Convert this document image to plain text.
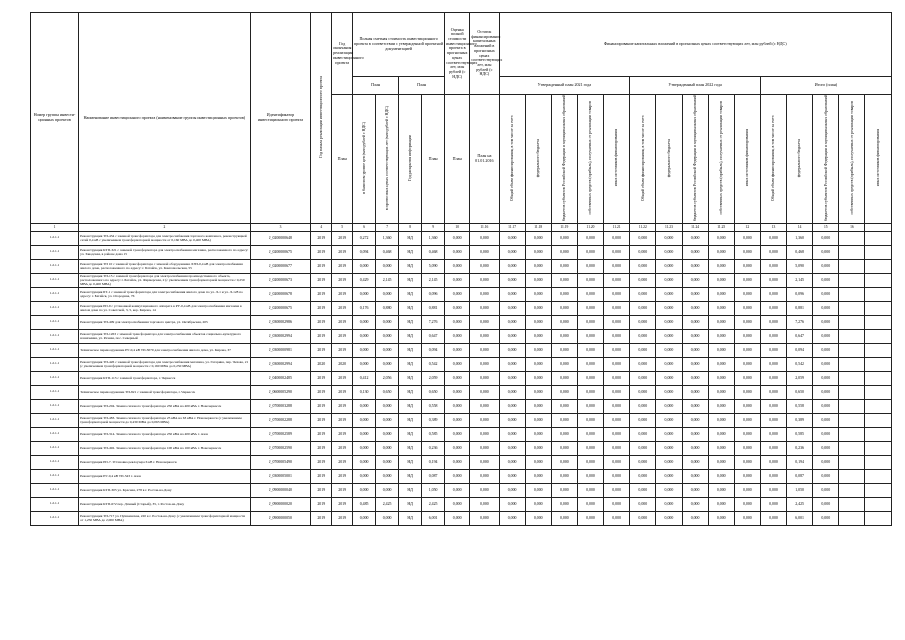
Номер группы инвести-ционных проектов	Наименование инвестиционного проекта (наименование группы инвестиционных проектов)	Идентификатор инвестиционного проекта	Год начала реализации инвестиционного проекта	Год окончания реализации инвестиционного проекта	Полная сметная стоимость инвестиционного проекта в соответствии с утвержденной проектной документацией				Оценка полной стоимости инвестиционного проекта в прогнозных ценах соответствующих лет, млн рублей (с НДС)	Остаток финансирования капитальных вложений в прогнозных ценах соответствующих лет, млн рублей (с НДС)	Финансирование капитальных вложений в прогнозных ценах соответствующих лет, млн рублей (с НДС)														
					План		План				Утвержденный план 2021 года					Утвержденный план 2022 года					Итого (план)				
				План	в базисном уровне цен (млн рублей с НДС)	в прогнозных ценах соответствующих лет (млн рублей с НДС)	Год раскрытия информации	План	План	План на 01.01.2016	Общий объем финансирования, в том числе за счет:	федерального бюджета	бюджетов субъектов Российской Федерации и муниципальных образований	собственных средств (прибыль), получаемых от реализации товаров	иных источников финансирования	Общий объем финансирования, в том числе за счет:	федерального бюджета	бюджетов субъектов Российской Федерации и муниципальных образований	собственных средств (прибыль), получаемых от реализации товаров	иных источников финансирования	Общий объем финансирования, в том числе за счет:	федерального бюджета	бюджетов субъектов Российской Федерации и муниципальных образований	собственных средств (прибыль), получаемых от реализации товаров	иных источников финансирования
1	2	3	4	5	6	7	8	9	10	11.16	11.17	11.18	11.19	11.20	11.21	11.22	11.23	11.24	11.25	12	13	14	15	16	
1.2.1.1	Реконструкция ТП-434 с заменой трансформатора для электроснабжения торгового комплекса, реконструкцией сетей 0,4 кВ с увеличением трансформаторной мощности от 0,160 МВА до 0,400 МВА)	J_0200000648	2019	2019	0,272	1,360	НД	1,360	0,000	0,000	0,000	0,000	0,000	0,000	0,000	0,000	0,000	0,000	0,000	0,000	0,000	1,360	0,000		
1.2.1.1	Реконструкция КТП-321 с заменой трансформатора для электроснабжения магазина, расположенного по адресу: ул. Заводская, в районе дома 15	J_0200000675	2019	2019	0,094	0,468	НД	0,468	0,000	0,000	0,000	0,000	0,000	0,000	0,000	0,000	0,000	0,000	0,000	0,000	0,000	0,468	0,000		
1.2.1.1	Реконструкция ТП 10 с заменой трансформатора с заменой оборудования ЛЭП-0,4 кВ для электроснабжения жилого дома, расположенного по адресу: г. Батайск, ул. Комсомольская, 55	J_0200000677	2019	2019	0,000	0,000	НД	5,090	0,000	0,000	0,000	0,000	0,000	0,000	0,000	0,000	0,000	0,000	0,000	0,000	0,000	5,090	0,000		
1.2.1.1	Реконструкция ТП-15 с заменой трансформатора для электроснабжения производственного объекта, расположенного по адресу: г. Батайск, ул. Фермерская, 2 (с увеличением трансформаторной мощности с 0,250 МВА до 0,400 МВА)	J_0200000673	2019	2019	0,429	2,145	НД	2,145	0,000	0,000	0,000	0,000	0,000	0,000	0,000	0,000	0,000	0,000	0,000	0,000	0,000	2,145	0,000		
1.2.1.1	Реконструкция БТ-1 с заменой трансформатора для электроснабжения жилого дома по ул. Л-1 и ул. Л-128 по адресу: г. Батайск, ул. Огородная, 76	J_0200000678	2019	2019	0,000	0,000	НД	0,096	0,000	0,000	0,000	0,000	0,000	0,000	0,000	0,000	0,000	0,000	0,000	0,000	0,000	0,096	0,000		
1.2.1.1	Реконструкция РП-9 с установкой коммутационного аппарата в РУ-0,4 кВ для электроснабжения магазина в жилом доме по ул. Советской, 3, 5, кор. Кирова, 14	J_0200000675	2019	2019	0,176	0,880	НД	0,881	0,000	0,000	0,000	0,000	0,000	0,000	0,000	0,000	0,000	0,000	0,000	0,000	0,000	0,881	0,000		
1.2.1.1	Реконструкция ТП-409 для электроснабжения торгового центра, ул. Октябрьская, 205	J_0300002986	2019	2019	0,000	0,000	НД	7,276	0,000	0,000	0,000	0,000	0,000	0,000	0,000	0,000	0,000	0,000	0,000	0,000	0,000	7,276	0,000		
1.2.1.1	Реконструкция ТП-1263 с заменой трансформатора для электроснабжения объектов социально-культурного назначения, ул. Речная, пос. Северный	J_0300002994	2019	2019	0,000	0,000	НД	0,647	0,000	0,000	0,000	0,000	0,000	0,000	0,000	0,000	0,000	0,000	0,000	0,000	0,000	0,647	0,000		
1.2.1.1	Техническое перевооружение РУ-0,4 кВ ТП-3070 для электроснабжения жилого дома, ул. Кирова, 37	J_0300000981	2019	2019	0,000	0,000	НД	0,094	0,000	0,000	0,000	0,000	0,000	0,000	0,000	0,000	0,000	0,000	0,000	0,000	0,000	0,094	0,000		
1.2.1.1	Реконструкция ТП-426 с заменой трансформатора для электроснабжения магазина, ул. Гагарина, пер. Чехова, 21 (с увеличением трансформаторной мощности с 0,160 МВА до 0,250 МВА)	J_0300002994	2020	2020	0,000	0,000	НД	0,542	0,000	0,000	0,000	0,000	0,000	0,000	0,000	0,000	0,000	0,000	0,000	0,000	0,000	0,542	0,000		
1.2.1.1	Реконструкция КТП-113 с заменой трансформатора, г. Черкесск	J_0400002485	2019	2019	0,412	2,056	НД	2,059	0,000	0,000	0,000	0,000	0,000	0,000	0,000	0,000	0,000	0,000	0,000	0,000	0,000	2,059	0,000		
1.2.1.1	Техническое перевооружение ТП-821 с заменой трансформатора, г. Черкесск	J_0600005290	2019	2019	0,130	0,650	НД	0,650	0,000	0,000	0,000	0,000	0,000	0,000	0,000	0,000	0,000	0,000	0,000	0,000	0,000	0,650	0,000		
1.2.1.1	Реконструкция ТП-204. Замена силового трансформатора 250 кВА на 400 кВА г. Новочеркасск	J_0700003288	2019	2019	0,000	0,000	НД	0,558	0,000	0,000	0,000	0,000	0,000	0,000	0,000	0,000	0,000	0,000	0,000	0,000	0,000	0,558	0,000		
1.2.1.1	Реконструкция ТП-483. Замена силового трансформатора 25 кВА на 63 кВА г. Новочеркасск (с увеличением трансформаторной мощности до 0,430 МВА до 0,063 МВА)	J_0700002288	2019	2019	0,000	0,000	НД	0,389	0,000	0,000	0,000	0,000	0,000	0,000	0,000	0,000	0,000	0,000	0,000	0,000	0,000	0,389	0,000		
1.2.1.1	Реконструкция ТП-314. Замена силового трансформатора 250 кВА на 400 кВА г. Азов	J_0700002589	2019	2019	0,000	0,000	НД	0,585	0,000	0,000	0,000	0,000	0,000	0,000	0,000	0,000	0,000	0,000	0,000	0,000	0,000	0,585	0,000		
1.2.1.1	Реконструкция ТП-492. Замена силового трансформатора 100 кВА на 160 кВА г. Новочеркасск	J_0700002590	2019	2019	0,000	0,000	НД	0,236	0,000	0,000	0,000	0,000	0,000	0,000	0,000	0,000	0,000	0,000	0,000	0,000	0,000	0,236	0,000		
1.2.1.1	Реконструкция РП-7. Установка реклоузера 6 кВ г. Новочеркасск	J_0700005490	2019	2019	0,000	0,000	НД	0,194	0,000	0,000	0,000	0,000	0,000	0,000	0,000	0,000	0,000	0,000	0,000	0,000	0,000	0,194	0,000		
1.2.1.1	Реконструкция РУ-0,4 кВ ТП-343 г. Азов	J_0300005001	2019	2019	0,000	0,000	НД	0,087	0,000	0,000	0,000	0,000	0,000	0,000	0,000	0,000	0,000	0,000	0,000	0,000	0,000	0,087	0,000		
1.2.1.1	Реконструкция КТП-305 ул. Красная, 278 в г. Ростов-на-Дону	J_0900000040	2019	2019	0,000	0,000	НД	1,050	0,000	0,000	0,000	0,000	0,000	0,000	0,000	0,000	0,000	0,000	0,000	0,000	0,000	1,050	0,000		
1.2.1.1	Реконструкция КТП-672 пер. Дачный (Старый), 35, г. Ростов-на-Дону	J_0900000020	2019	2019	0,485	2,425	НД	2,425	0,000	0,000	0,000	0,000	0,000	0,000	0,000	0,000	0,000	0,000	0,000	0,000	0,000	2,425	0,000		
1.2.1.1	Реконструкция ТП-717 ул. Пушкинская, 220 в г. Ростов-на-Дону (с увеличением трансформаторной мощности от 1,250 МВА до 2,000 МВА)	J_0900000050	2019	2019	0,000	0,000	НД	6,001	0,000	0,000	0,000	0,000	0,000	0,000	0,000	0,000	0,000	0,000	0,000	0,000	0,000	6,001	0,000		
